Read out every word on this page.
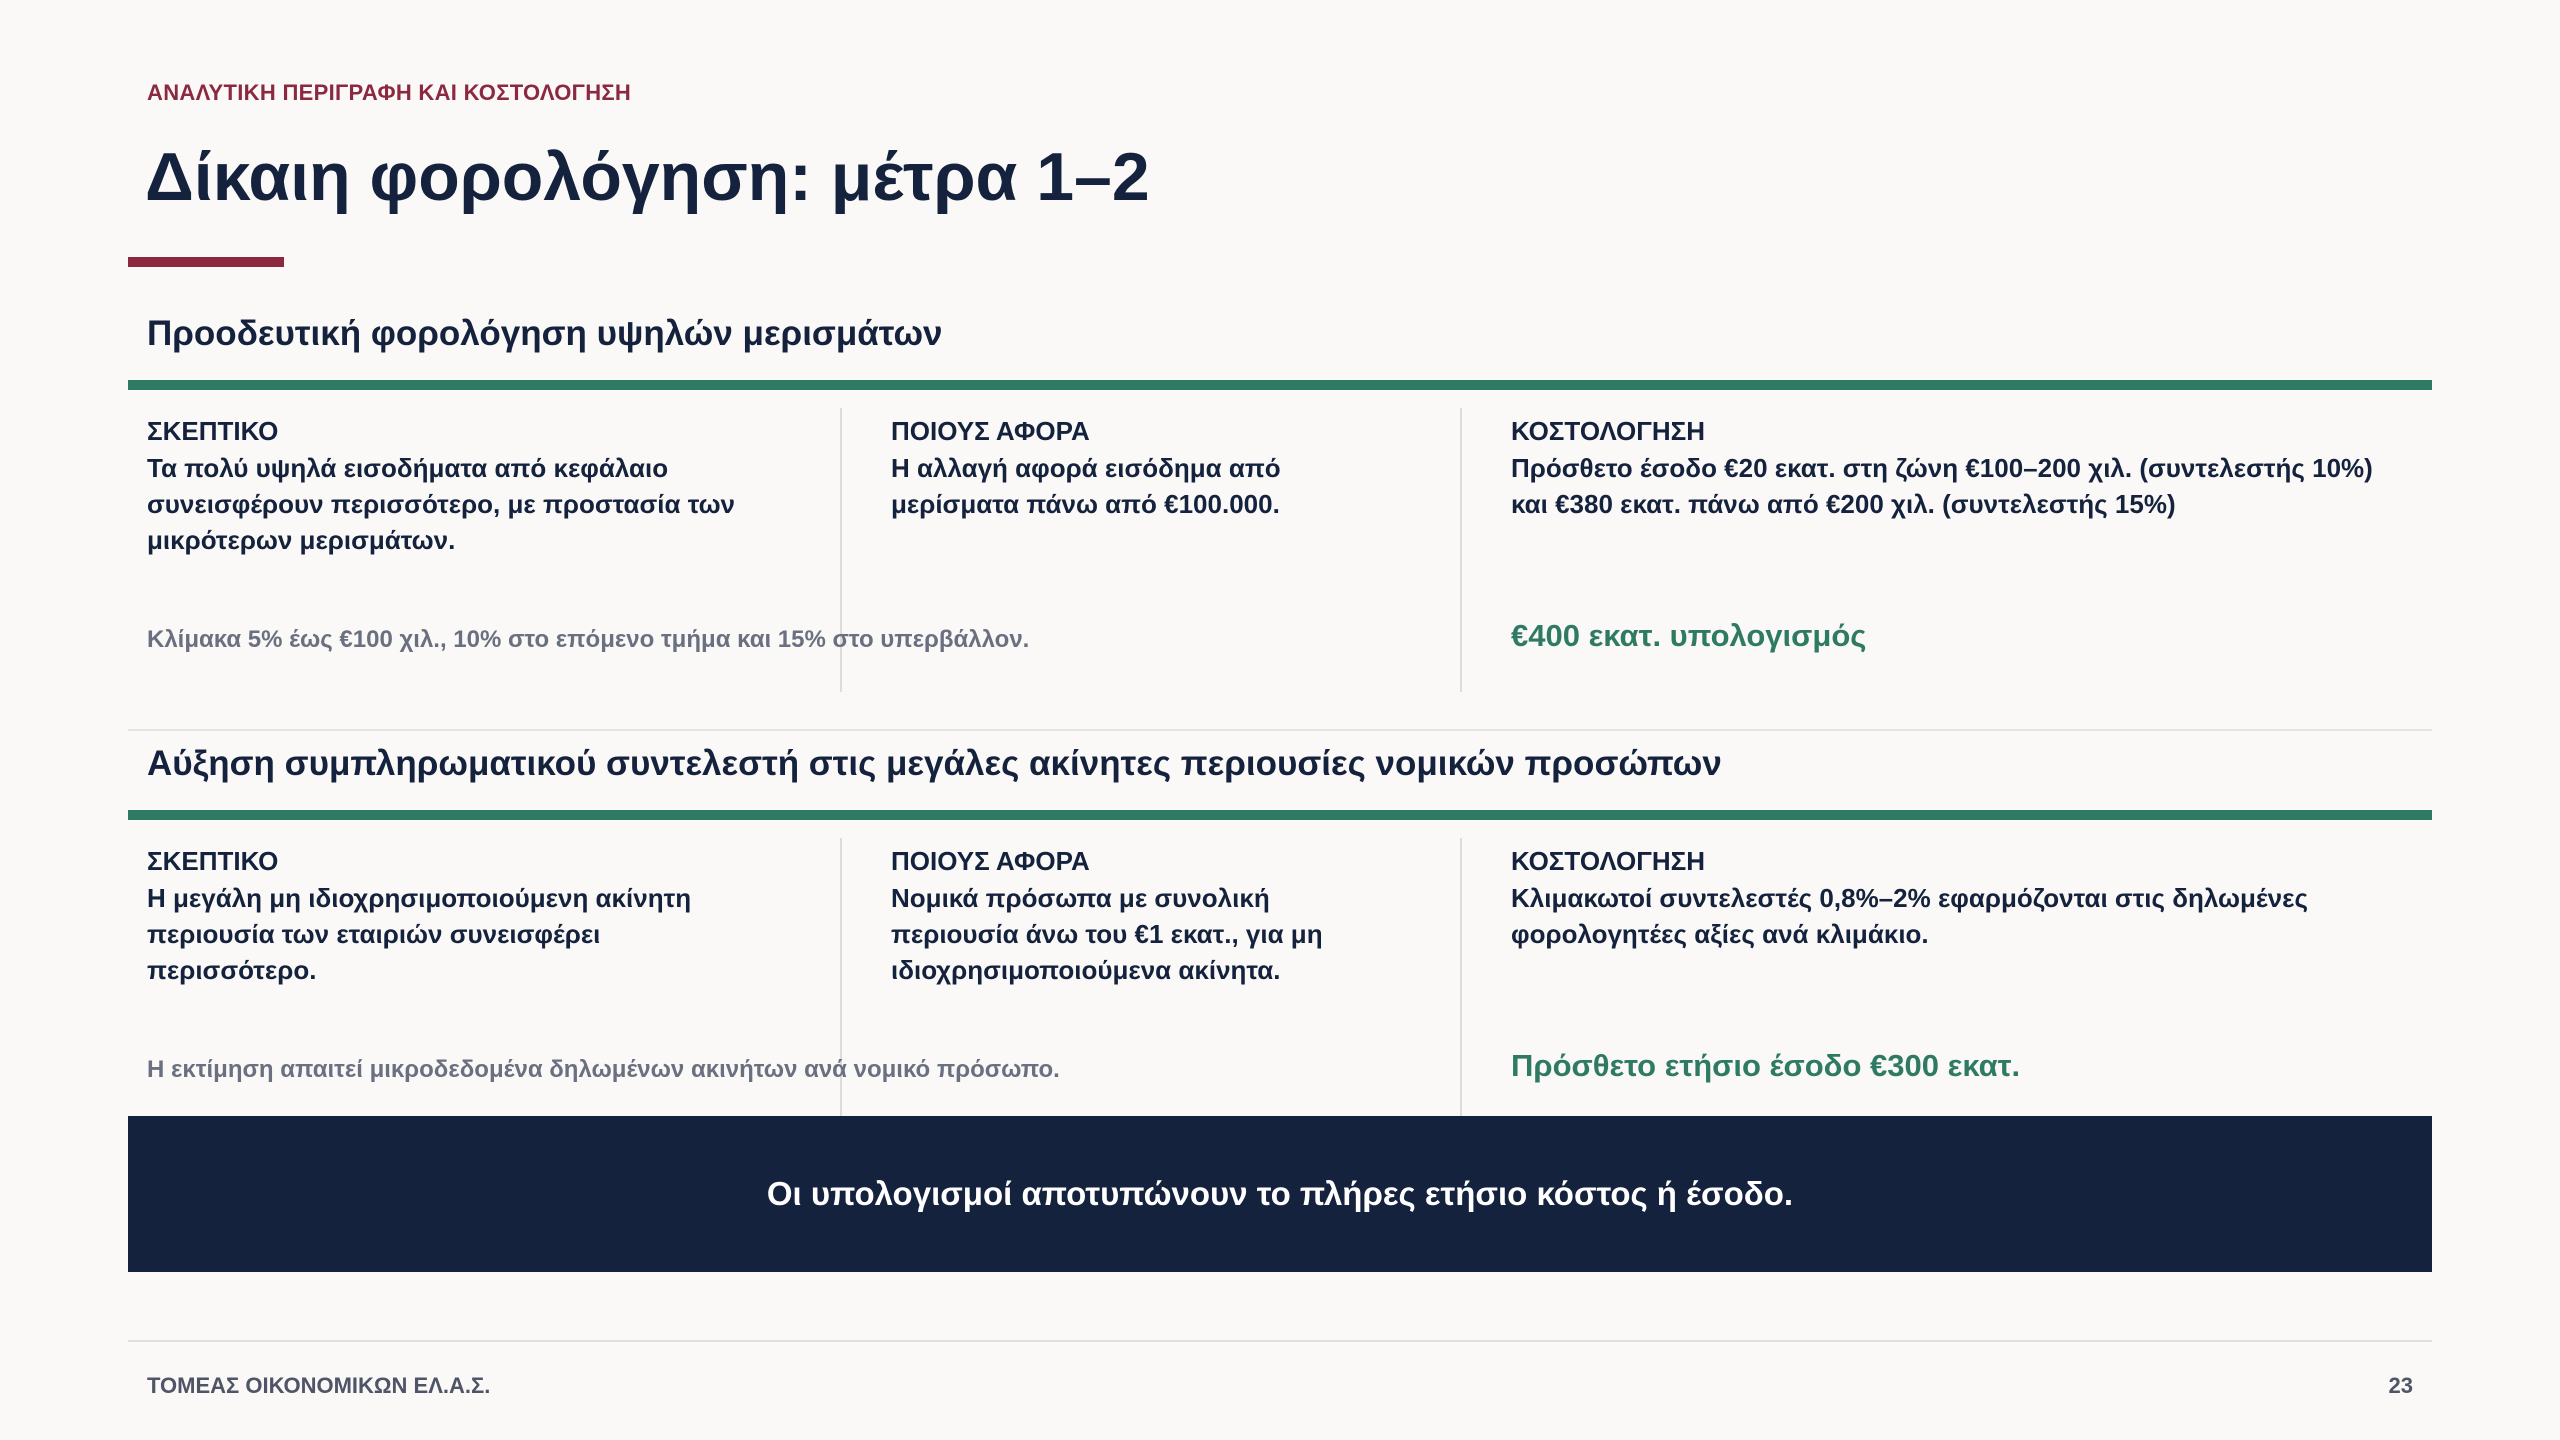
ΑΝΑΛΥΤΙΚΗ ΠΕΡΙΓΡΑΦΗ ΚΑΙ ΚΟΣΤΟΛΟΓΗΣΗ
Δίκαιη φορολόγηση: μέτρα 1–2
Προοδευτική φορολόγηση υψηλών μερισμάτων
ΣΚΕΠΤΙΚΟ
Τα πολύ υψηλά εισοδήματα από κεφάλαιο συνεισφέρουν περισσότερο, με προστασία των μικρότερων μερισμάτων.
Κλίμακα 5% έως €100 χιλ., 10% στο επόμενο τμήμα και 15% στο υπερβάλλον.
ΠΟΙΟΥΣ ΑΦΟΡΑ
Η αλλαγή αφορά εισόδημα από μερίσματα πάνω από €100.000.
ΚΟΣΤΟΛΟΓΗΣΗ
Πρόσθετο έσοδο €20 εκατ. στη ζώνη €100–200 χιλ. (συντελεστής 10%) και €380 εκατ. πάνω από €200 χιλ. (συντελεστής 15%)
€400 εκατ. υπολογισμός
Αύξηση συμπληρωματικού συντελεστή στις μεγάλες ακίνητες περιουσίες νομικών προσώπων
ΣΚΕΠΤΙΚΟ
Η μεγάλη μη ιδιοχρησιμοποιούμενη ακίνητη περιουσία των εταιριών συνεισφέρει περισσότερο.
Η εκτίμηση απαιτεί μικροδεδομένα δηλωμένων ακινήτων ανά νομικό πρόσωπο.
ΠΟΙΟΥΣ ΑΦΟΡΑ
Νομικά πρόσωπα με συνολική περιουσία άνω του €1 εκατ., για μη ιδιοχρησιμοποιούμενα ακίνητα.
ΚΟΣΤΟΛΟΓΗΣΗ
Κλιμακωτοί συντελεστές 0,8%–2% εφαρμόζονται στις δηλωμένες φορολογητέες αξίες ανά κλιμάκιο.
Πρόσθετο ετήσιο έσοδο €300 εκατ.
Οι υπολογισμοί αποτυπώνουν το πλήρες ετήσιο κόστος ή έσοδο.
ΤΟΜΕΑΣ ΟΙΚΟΝΟΜΙΚΩΝ ΕΛ.Α.Σ.	23
